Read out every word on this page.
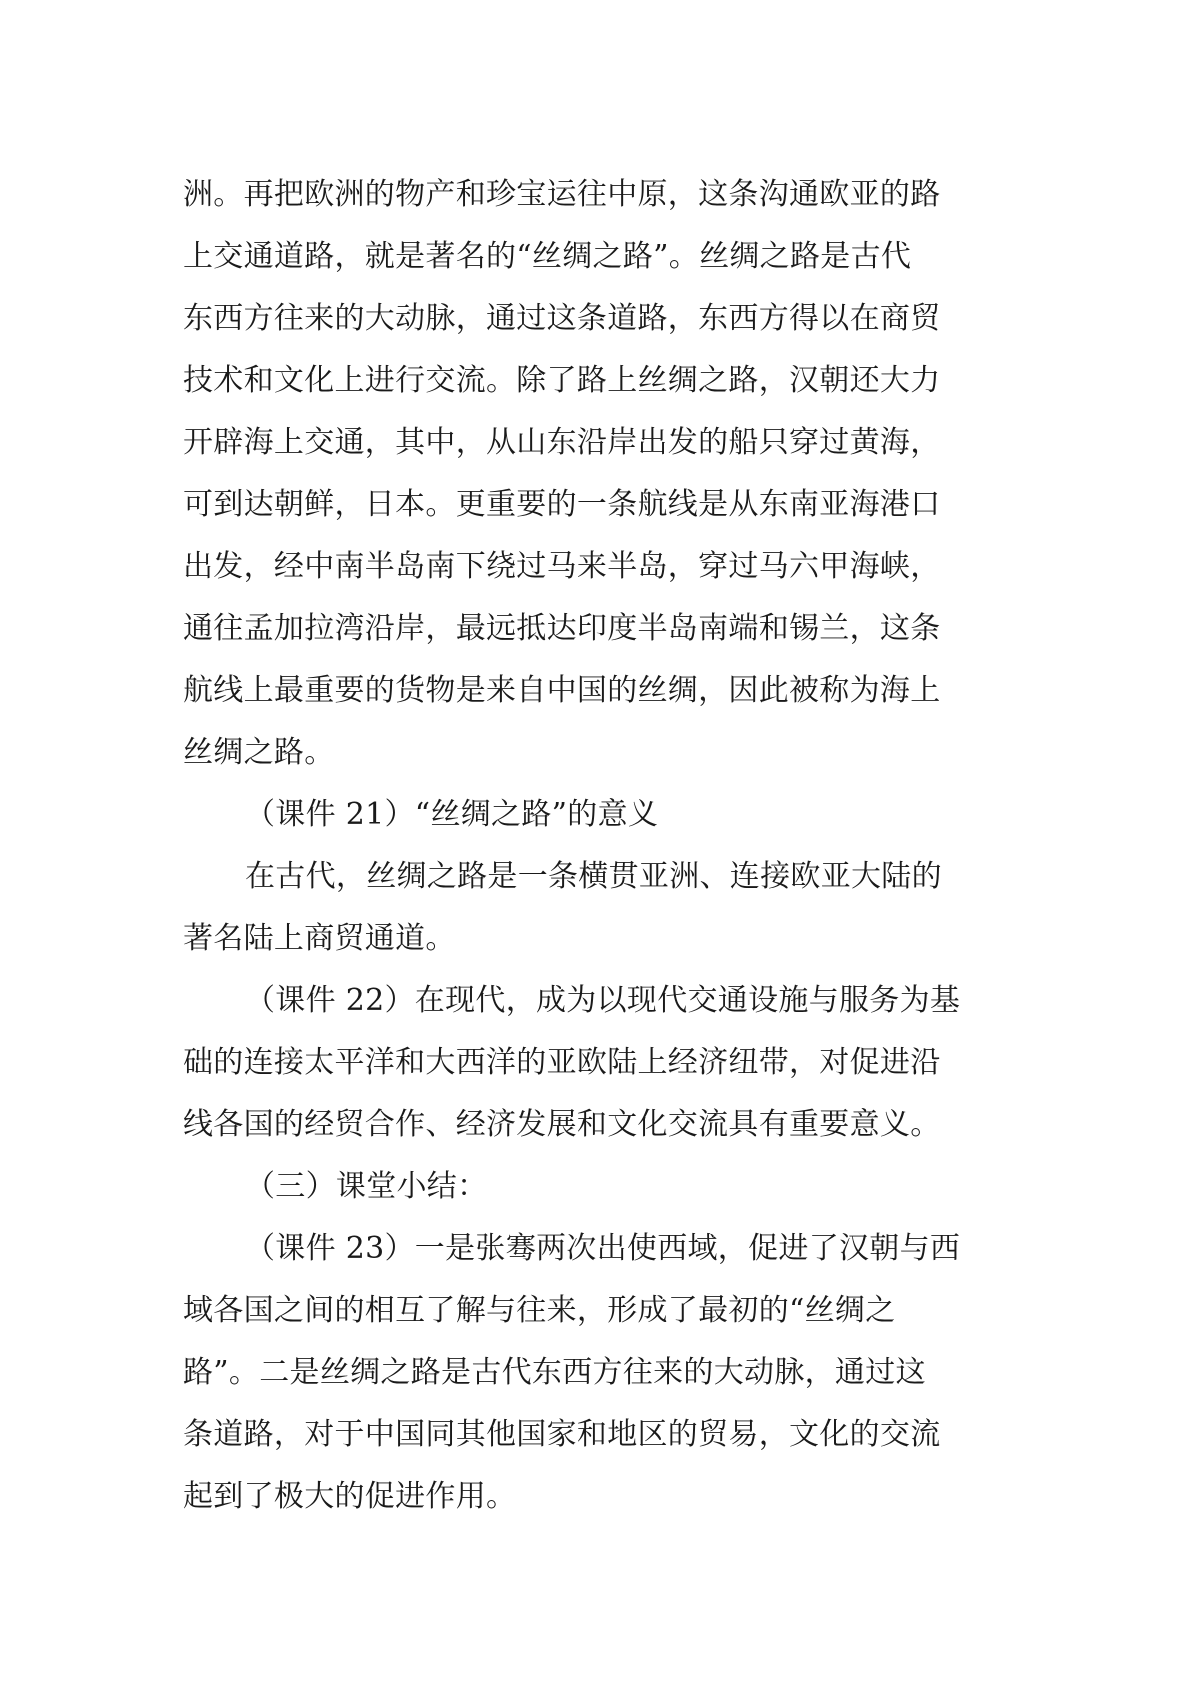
洲。再把欧洲的物产和珍宝运往中原，这条沟通欧亚的路
上交通道路，就是著名的“丝绸之路”。丝绸之路是古代
东西方往来的大动脉，通过这条道路，东西方得以在商贸
技术和文化上进行交流。除了路上丝绸之路，汉朝还大力
开辟海上交通，其中，从山东沿岸出发的船只穿过黄海，
可到达朝鲜，日本。更重要的一条航线是从东南亚海港口
出发，经中南半岛南下绕过马来半岛，穿过马六甲海峡，
通往孟加拉湾沿岸，最远抵达印度半岛南端和锡兰，这条
航线上最重要的货物是来自中国的丝绸，因此被称为海上
丝绸之路。
（课件 21）“丝绸之路”的意义
在古代，丝绸之路是一条横贯亚洲、连接欧亚大陆的
著名陆上商贸通道。
（课件 22）在现代，成为以现代交通设施与服务为基
础的连接太平洋和大西洋的亚欧陆上经济纽带，对促进沿
线各国的经贸合作、经济发展和文化交流具有重要意义。
（三）课堂小结：
（课件 23）一是张骞两次出使西域，促进了汉朝与西
域各国之间的相互了解与往来，形成了最初的“丝绸之
路”。二是丝绸之路是古代东西方往来的大动脉，通过这
条道路，对于中国同其他国家和地区的贸易，文化的交流
起到了极大的促进作用。
